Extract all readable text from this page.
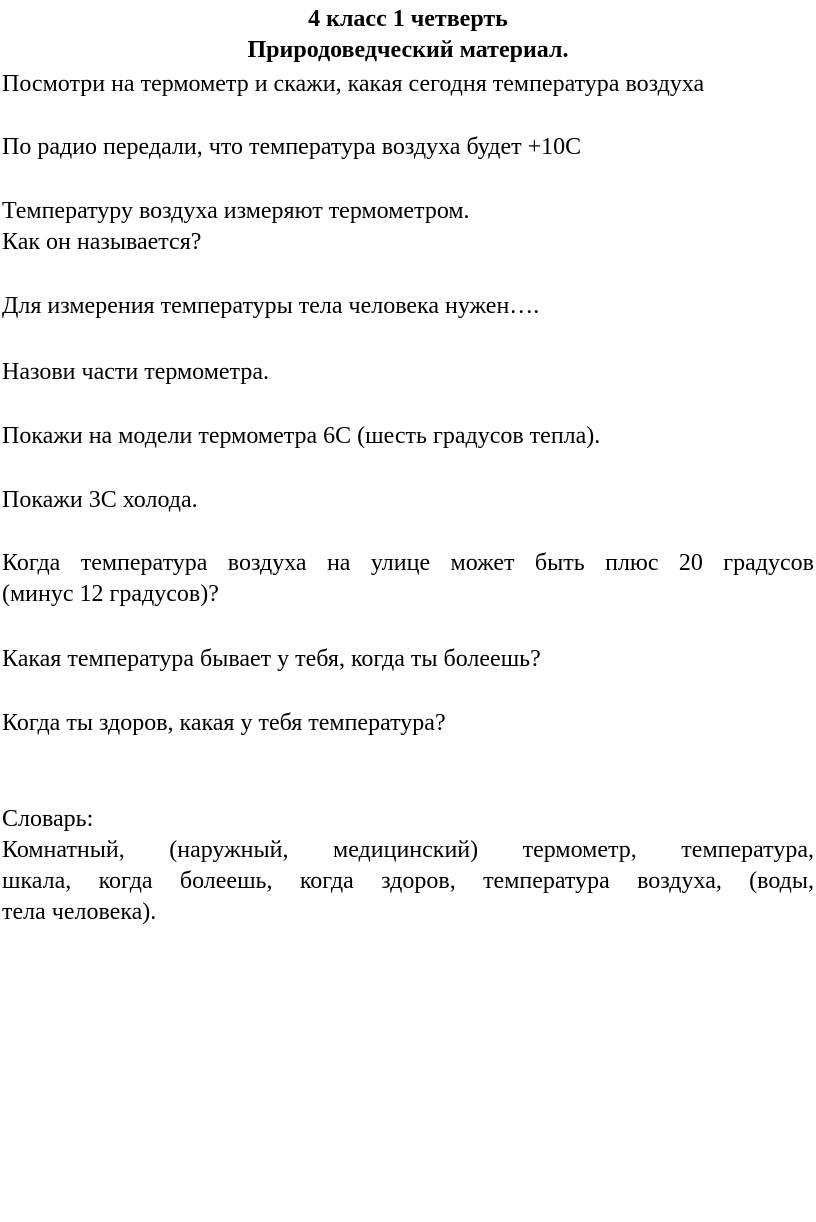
4 класс 1 четверть

Природоведческий материал.

Посмотри на термометр и скажи, какая сегодня температура воздуха

По радио передали, что температура воздуха будет +10С

Температуру воздуха измеряют термометром.

Как он называется?

Для измерения температуры тела человека нужен….

Назови части термометра.

Покажи на модели термометра 6С (шесть градусов тепла).

Покажи 3С холода.

Когда температура воздуха на улице может быть плюс 20 градусов
(минус 12 градусов)?

Какая температура бывает у тебя, когда ты болеешь?

Когда ты здоров, какая у тебя температура?

Словарь:

Комнатный, (наружный, медицинский) термометр, температура,
шкала, когда болеешь, когда здоров, температура воздуха, (воды,
тела человека).
